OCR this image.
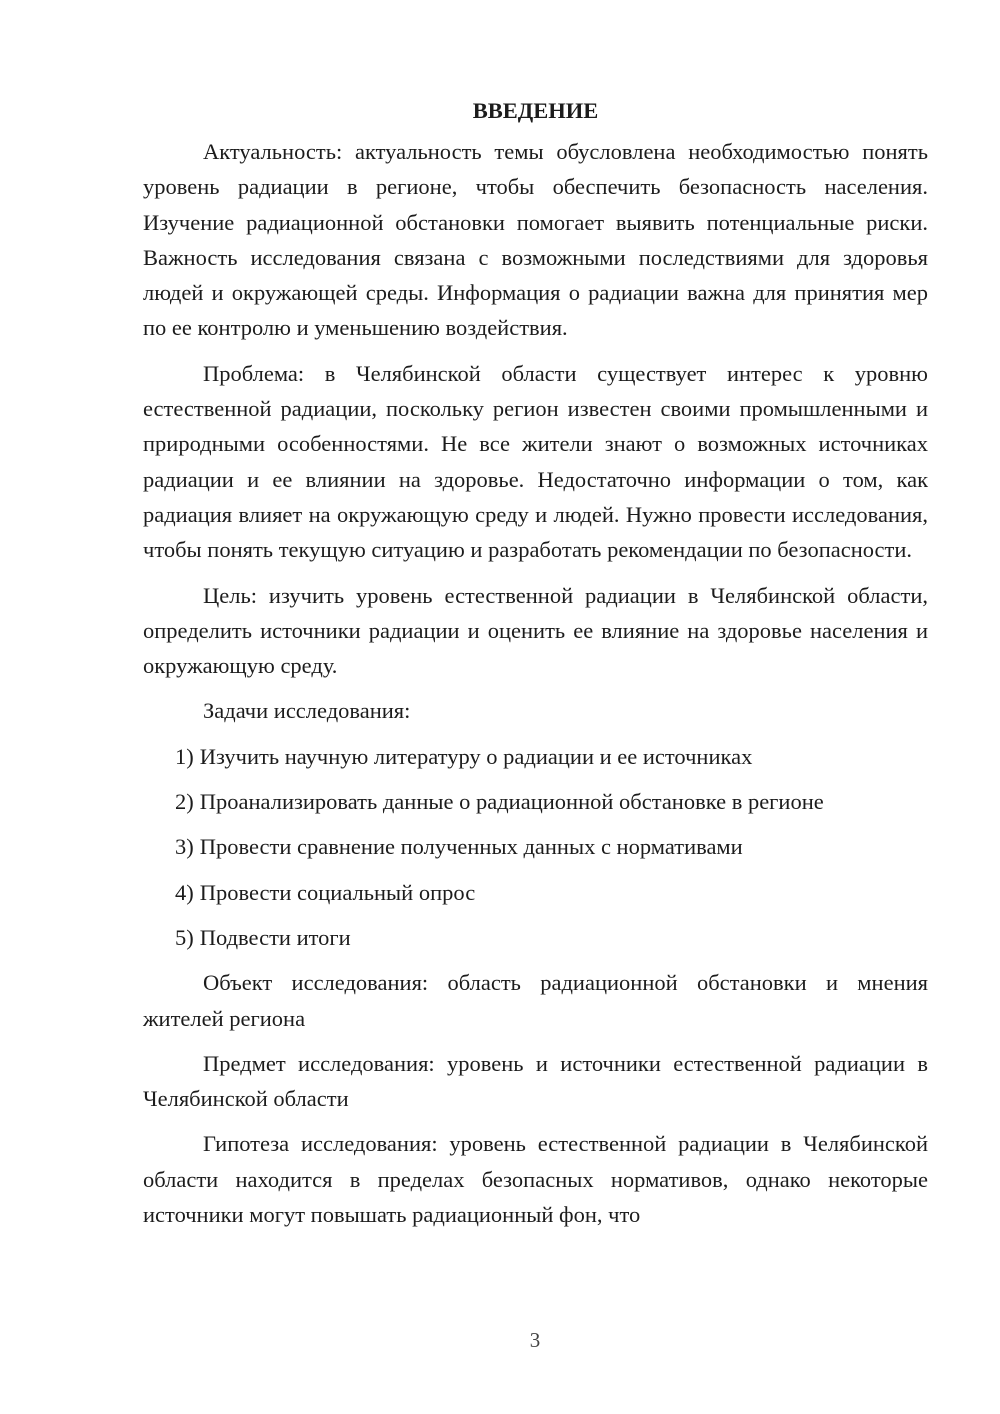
ВВЕДЕНИЕ

Актуальность: актуальность темы обусловлена необходимостью понять уровень радиации в регионе, чтобы обеспечить безопасность населения. Изучение радиационной обстановки помогает выявить потенциальные риски. Важность исследования связана с возможными последствиями для здоровья людей и окружающей среды. Информация о радиации важна для принятия мер по ее контролю и уменьшению воздействия.

Проблема: в Челябинской области существует интерес к уровню естественной радиации, поскольку регион известен своими промышленными и природными особенностями. Не все жители знают о возможных источниках радиации и ее влиянии на здоровье. Недостаточно информации о том, как радиация влияет на окружающую среду и людей. Нужно провести исследования, чтобы понять текущую ситуацию и разработать рекомендации по безопасности.

Цель: изучить уровень естественной радиации в Челябинской области, определить источники радиации и оценить ее влияние на здоровье населения и окружающую среду.

Задачи исследования:

1) Изучить научную литературу о радиации и ее источниках
2) Проанализировать данные о радиационной обстановке в регионе
3) Провести сравнение полученных данных с нормативами
4) Провести социальный опрос
5) Подвести итоги

Объект исследования: область радиационной обстановки и мнения жителей региона

Предмет исследования: уровень и источники естественной радиации в Челябинской области

Гипотеза исследования: уровень естественной радиации в Челябинской области находится в пределах безопасных нормативов, однако некоторые источники могут повышать радиационный фон, что

3
